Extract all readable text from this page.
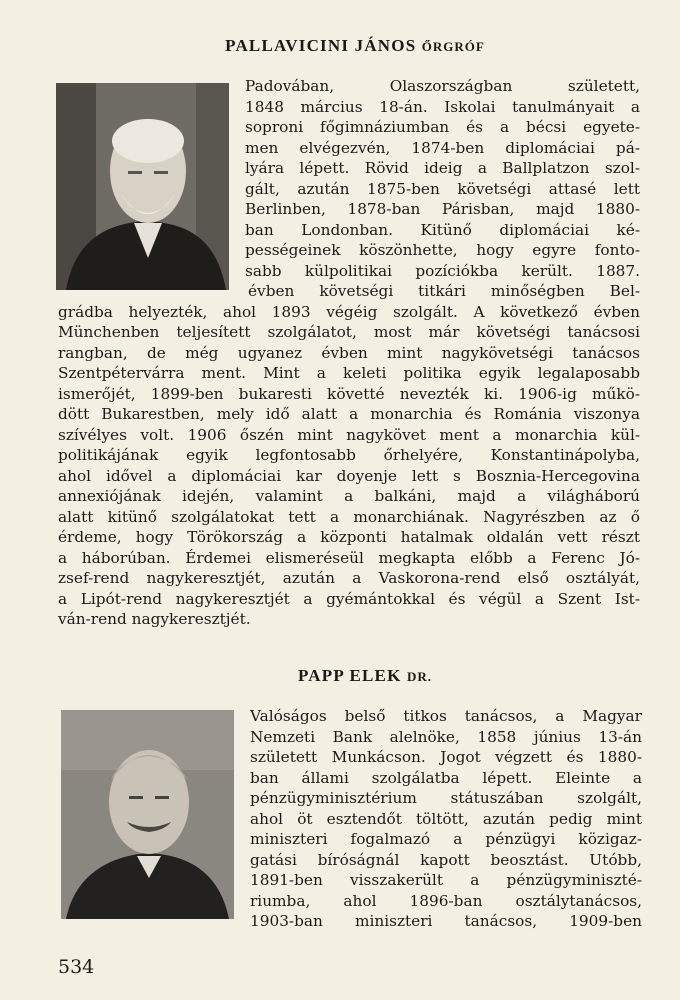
PALLAVICINI JÁNOS ŐRGRÓF

Padovában, Olaszországban született,
1848 március 18-án. Iskolai tanulmányait a
soproni főgimnáziumban és a bécsi egyete-
men elvégezvén, 1874-ben diplomáciai pá-
lyára lépett. Rövid ideig a Ballplatzon szol-
gált, azután 1875-ben követségi attasé lett
Berlinben, 1878-ban Párisban, majd 1880-
ban Londonban. Kitünő diplomáciai ké-
pességeinek köszönhette, hogy egyre fonto-
sabb külpolitikai pozíciókba került. 1887.

évben követségi titkári minőségben Bel-
grádba helyezték, ahol 1893 végéig szolgált. A következő évben
Münchenben teljesített szolgálatot, most már követségi tanácsosi
rangban, de még ugyanez évben mint nagykövetségi tanácsos
Szentpétervárra ment. Mint a keleti politika egyik legalaposabb
ismerőjét, 1899-ben bukaresti követté nevezték ki. 1906-ig műkö-
dött Bukarestben, mely idő alatt a monarchia és Románia viszonya
szívélyes volt. 1906 őszén mint nagykövet ment a monarchia kül-
politikájának egyik legfontosabb őrhelyére, Konstantinápolyba,
ahol idővel a diplomáciai kar doyenje lett s Bosznia-Hercegovina
annexiójának idején, valamint a balkáni, majd a világháború
alatt kitünő szolgálatokat tett a monarchiának. Nagyrészben az ő
érdeme, hogy Törökország a központi hatalmak oldalán vett részt
a háborúban. Érdemei elismeréseül megkapta előbb a Ferenc Jó-
zsef-rend nagykeresztjét, azután a Vaskorona-rend első osztályát,
a Lipót-rend nagykeresztjét a gyémántokkal és végül a Szent Ist-
ván-rend nagykeresztjét.

PAPP ELEK DR.

Valóságos belső titkos tanácsos, a Magyar
Nemzeti Bank alelnöke, 1858 június 13-án
született Munkácson. Jogot végzett és 1880-
ban állami szolgálatba lépett. Eleinte a
pénzügyminisztérium státuszában szolgált,
ahol öt esztendőt töltött, azután pedig mint
miniszteri fogalmazó a pénzügyi közigaz-
gatási bíróságnál kapott beosztást. Utóbb,
1891-ben visszakerült a pénzügyminiszté-
riumba, ahol 1896-ban osztálytanácsos,
1903-ban miniszteri tanácsos, 1909-ben

534
